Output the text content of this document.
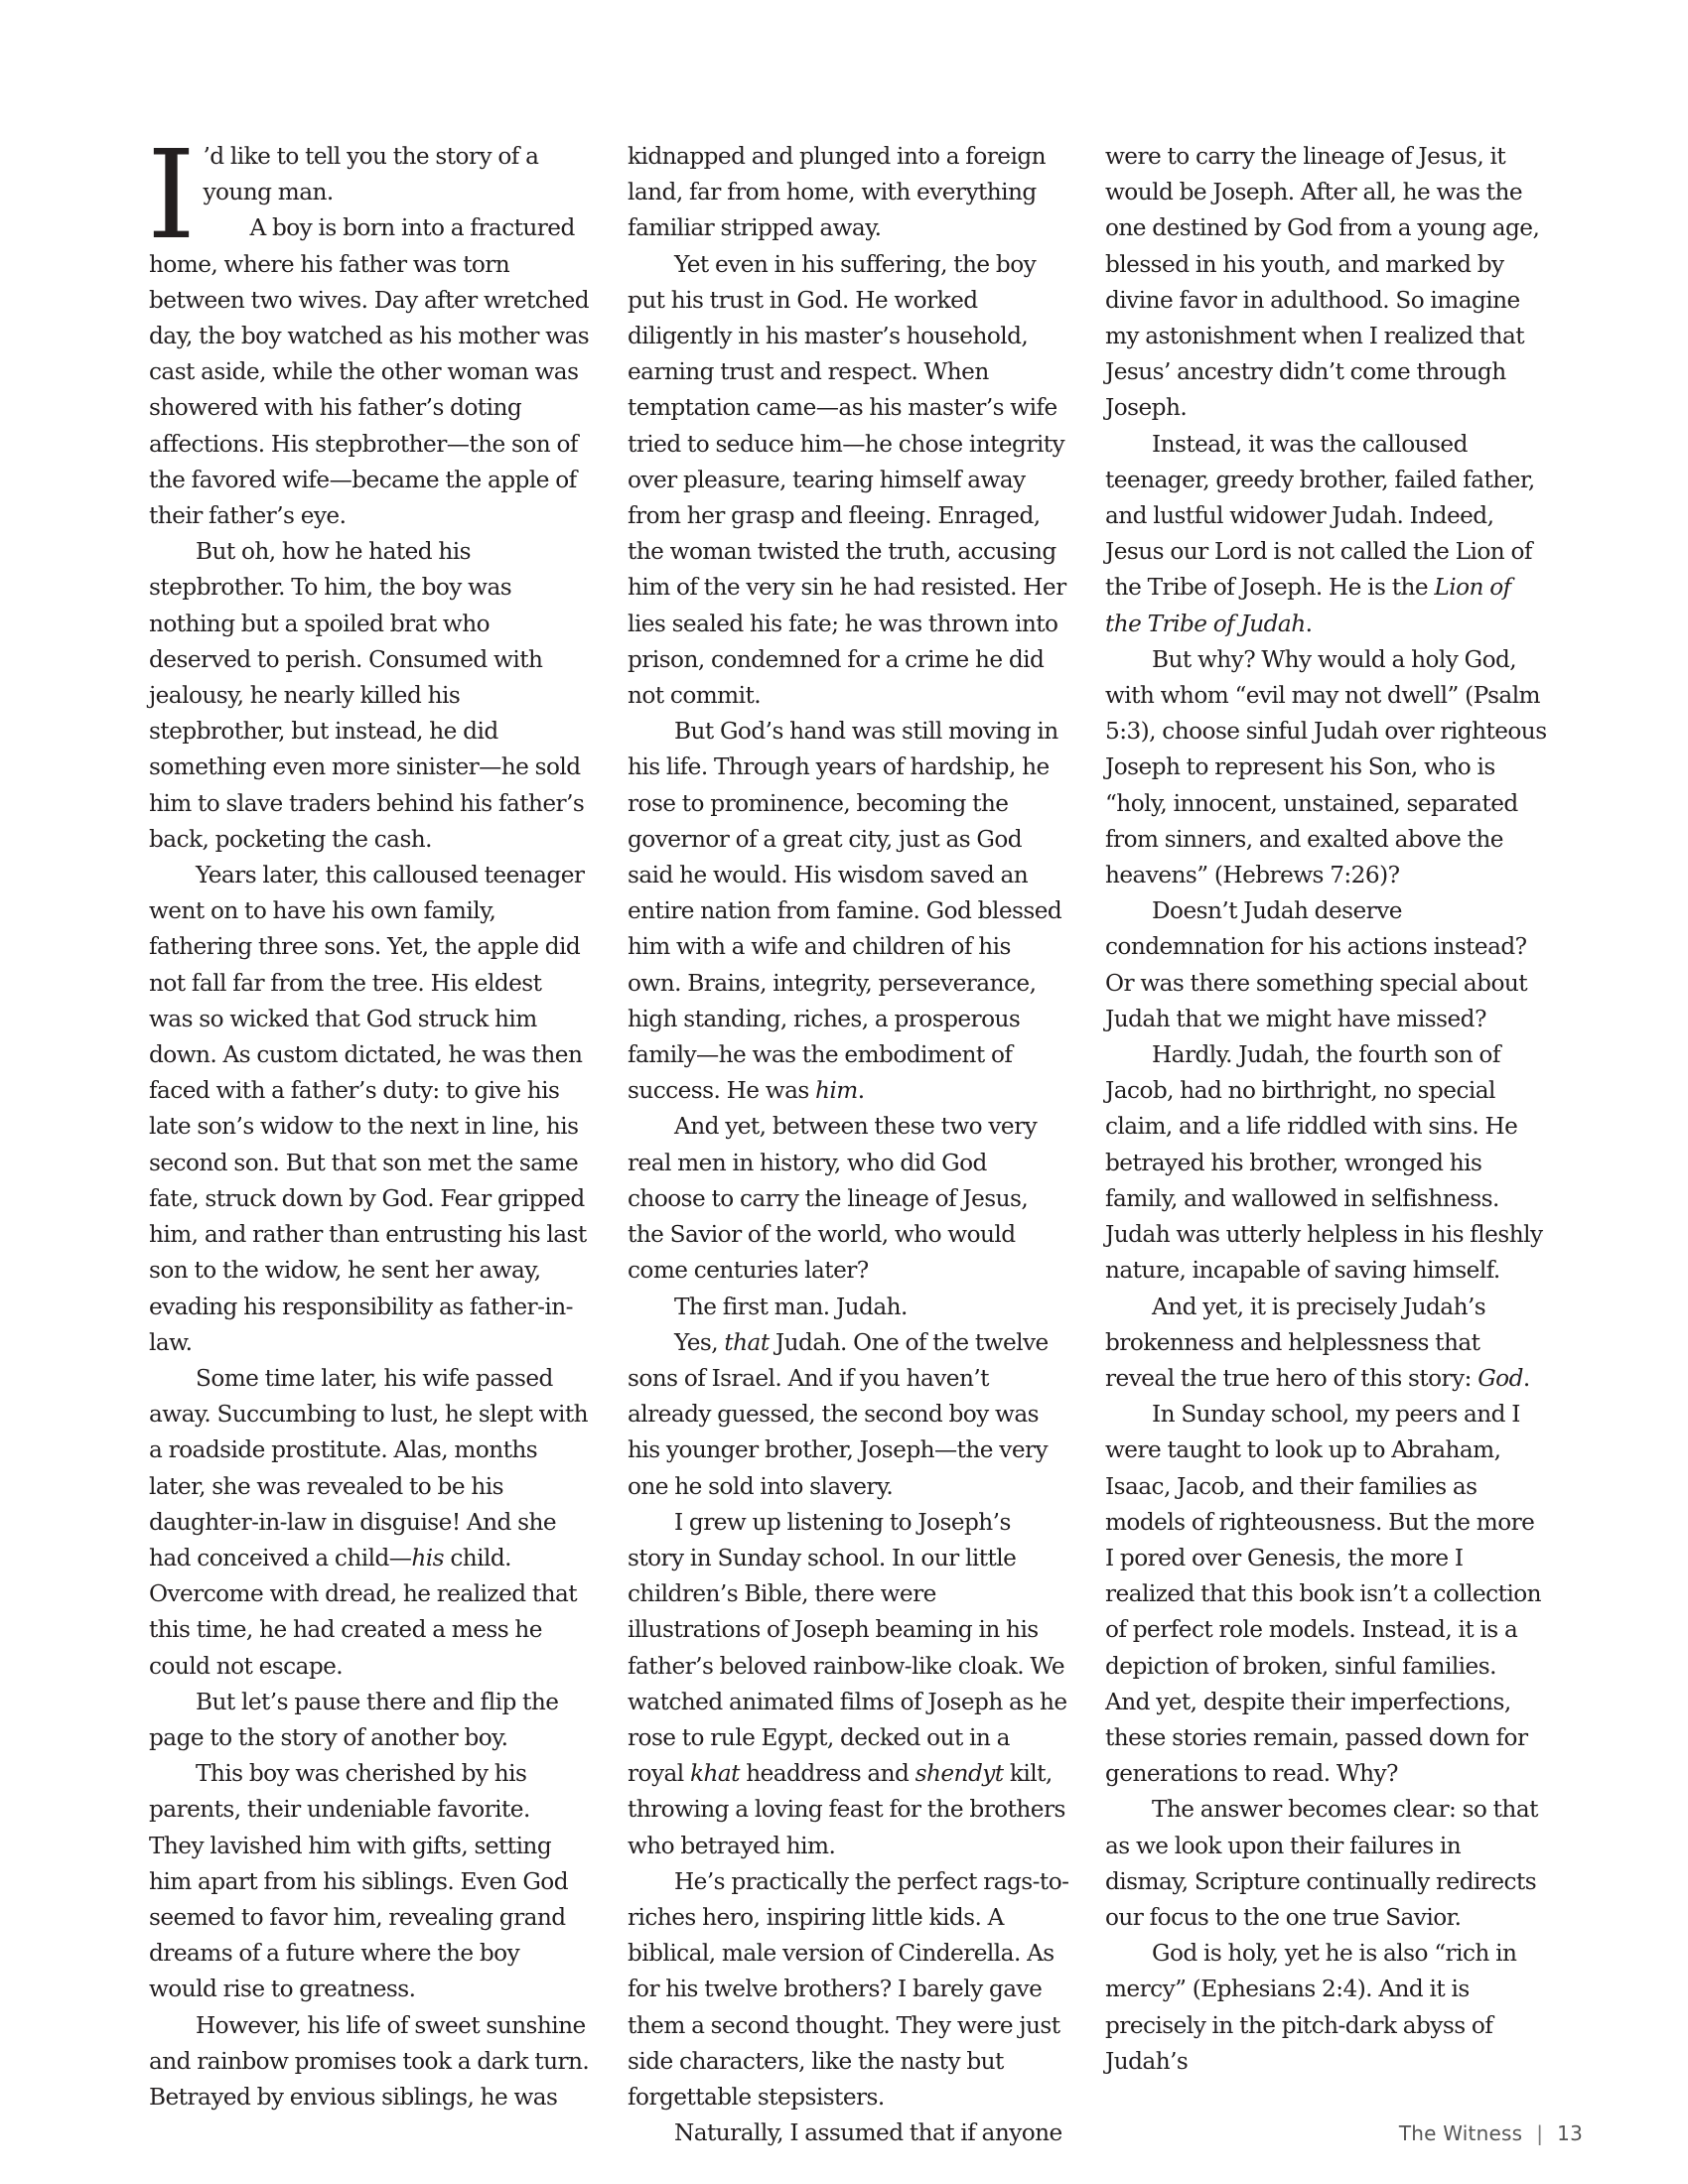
I ’d like to tell you the story of a young man.

A boy is born into a fractured home, where his father was torn between two wives. Day after wretched day, the boy watched as his mother was cast aside, while the other woman was showered with his father’s doting affections. His stepbrother—the son of the favored wife—became the apple of their father’s eye.

But oh, how he hated his stepbrother. To him, the boy was nothing but a spoiled brat who deserved to perish. Consumed with jealousy, he nearly killed his stepbrother, but instead, he did something even more sinister—he sold him to slave traders behind his father’s back, pocketing the cash.

Years later, this calloused teenager went on to have his own family, fathering three sons. Yet, the apple did not fall far from the tree. His eldest was so wicked that God struck him down. As custom dictated, he was then faced with a father’s duty: to give his late son’s widow to the next in line, his second son. But that son met the same fate, struck down by God. Fear gripped him, and rather than entrusting his last son to the widow, he sent her away, evading his responsibility as father-in-law.

Some time later, his wife passed away. Succumbing to lust, he slept with a roadside prostitute. Alas, months later, she was revealed to be his daughter-in-law in disguise! And she had conceived a child—his child. Overcome with dread, he realized that this time, he had created a mess he could not escape.

But let’s pause there and flip the page to the story of another boy.

This boy was cherished by his parents, their undeniable favorite. They lavished him with gifts, setting him apart from his siblings. Even God seemed to favor him, revealing grand dreams of a future where the boy would rise to greatness.

However, his life of sweet sunshine and rainbow promises took a dark turn. Betrayed by envious siblings, he was

kidnapped and plunged into a foreign land, far from home, with everything familiar stripped away.

Yet even in his suffering, the boy put his trust in God. He worked diligently in his master’s household, earning trust and respect. When temptation came—as his master’s wife tried to seduce him—he chose integrity over pleasure, tearing himself away from her grasp and fleeing. Enraged, the woman twisted the truth, accusing him of the very sin he had resisted. Her lies sealed his fate; he was thrown into prison, condemned for a crime he did not commit.

But God’s hand was still moving in his life. Through years of hardship, he rose to prominence, becoming the governor of a great city, just as God said he would. His wisdom saved an entire nation from famine. God blessed him with a wife and children of his own. Brains, integrity, perseverance, high standing, riches, a prosperous family—he was the embodiment of success. He was him.

And yet, between these two very real men in history, who did God choose to carry the lineage of Jesus, the Savior of the world, who would come centuries later?

The first man. Judah.

Yes, that Judah. One of the twelve sons of Israel. And if you haven’t already guessed, the second boy was his younger brother, Joseph—the very one he sold into slavery.

I grew up listening to Joseph’s story in Sunday school. In our little children’s Bible, there were illustrations of Joseph beaming in his father’s beloved rainbow-like cloak. We watched animated films of Joseph as he rose to rule Egypt, decked out in a royal khat headdress and shendyt kilt, throwing a loving feast for the brothers who betrayed him.

He’s practically the perfect rags-to-riches hero, inspiring little kids. A biblical, male version of Cinderella. As for his twelve brothers? I barely gave them a second thought. They were just side characters, like the nasty but forgettable stepsisters.

Naturally, I assumed that if anyone

were to carry the lineage of Jesus, it would be Joseph. After all, he was the one destined by God from a young age, blessed in his youth, and marked by divine favor in adulthood. So imagine my astonishment when I realized that Jesus’ ancestry didn’t come through Joseph.

Instead, it was the calloused teenager, greedy brother, failed father, and lustful widower Judah. Indeed, Jesus our Lord is not called the Lion of the Tribe of Joseph. He is the Lion of the Tribe of Judah.

But why? Why would a holy God, with whom “evil may not dwell” (Psalm 5:3), choose sinful Judah over righteous Joseph to represent his Son, who is “holy, innocent, unstained, separated from sinners, and exalted above the heavens” (Hebrews 7:26)?

Doesn’t Judah deserve condemnation for his actions instead? Or was there something special about Judah that we might have missed?

Hardly. Judah, the fourth son of Jacob, had no birthright, no special claim, and a life riddled with sins. He betrayed his brother, wronged his family, and wallowed in selfishness. Judah was utterly helpless in his fleshly nature, incapable of saving himself.

And yet, it is precisely Judah’s brokenness and helplessness that reveal the true hero of this story: God.

In Sunday school, my peers and I were taught to look up to Abraham, Isaac, Jacob, and their families as models of righteousness. But the more I pored over Genesis, the more I realized that this book isn’t a collection of perfect role models. Instead, it is a depiction of broken, sinful families. And yet, despite their imperfections, these stories remain, passed down for generations to read. Why?

The answer becomes clear: so that as we look upon their failures in dismay, Scripture continually redirects our focus to the one true Savior.

God is holy, yet he is also “rich in mercy” (Ephesians 2:4). And it is precisely in the pitch-dark abyss of Judah’s

The Witness | 13
